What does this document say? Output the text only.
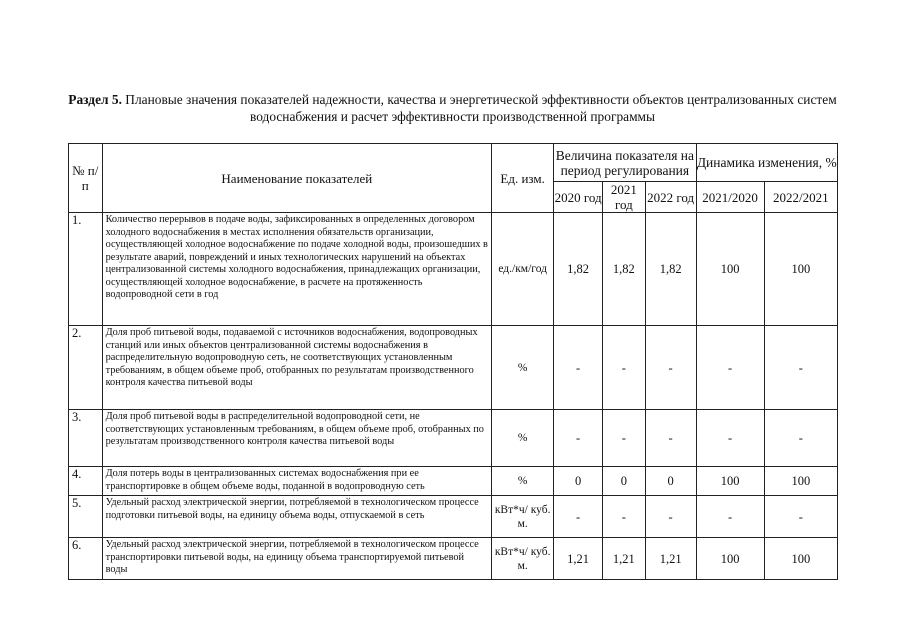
Раздел 5. Плановые значения показателей надежности, качества и энергетической эффективности объектов централизованных систем водоснабжения и расчет эффективности производственной программы
№ п/п	Наименование показателей	Ед. изм.	Величина показателя на период регулирования			Динамика изменения, %	
			2020 год	2021 год	2022 год	2021/2020	2022/2021
1.	Количество перерывов в подаче воды, зафиксированных в определенных договором холодного водоснабжения в местах исполнения обязательств организации, осуществляющей холодное водоснабжение по подаче холодной воды, произошедших в результате аварий, повреждений и иных технологических нарушений на объектах централизованной системы холодного водоснабжения, принадлежащих организации, осуществляющей холодное водоснабжение, в расчете на протяженность водопроводной сети в год	ед./км/год	1,82	1,82	1,82	100	100
2.	Доля проб питьевой воды, подаваемой с источников водоснабжения, водопроводных станций или иных объектов централизованной системы водоснабжения в распределительную водопроводную сеть, не соответствующих установленным требованиям, в общем объеме проб, отобранных по результатам производственного контроля качества питьевой воды	%	-	-	-	-	-
3.	Доля проб питьевой воды в распределительной водопроводной сети, не соответствующих установленным требованиям, в общем объеме проб, отобранных по результатам производственного контроля качества питьевой воды	%	-	-	-	-	-
4.	Доля потерь воды в централизованных системах водоснабжения при ее транспортировке в общем объеме воды, поданной в водопроводную сеть	%	0	0	0	100	100
5.	Удельный расход электрической энергии, потребляемой в технологическом процессе подготовки питьевой воды, на единицу объема воды, отпускаемой в сеть	кВт*ч/ куб. м.	-	-	-	-	-
6.	Удельный расход электрической энергии, потребляемой в технологическом процессе транспортировки питьевой воды, на единицу объема транспортируемой питьевой воды	кВт*ч/ куб. м.	1,21	1,21	1,21	100	100
